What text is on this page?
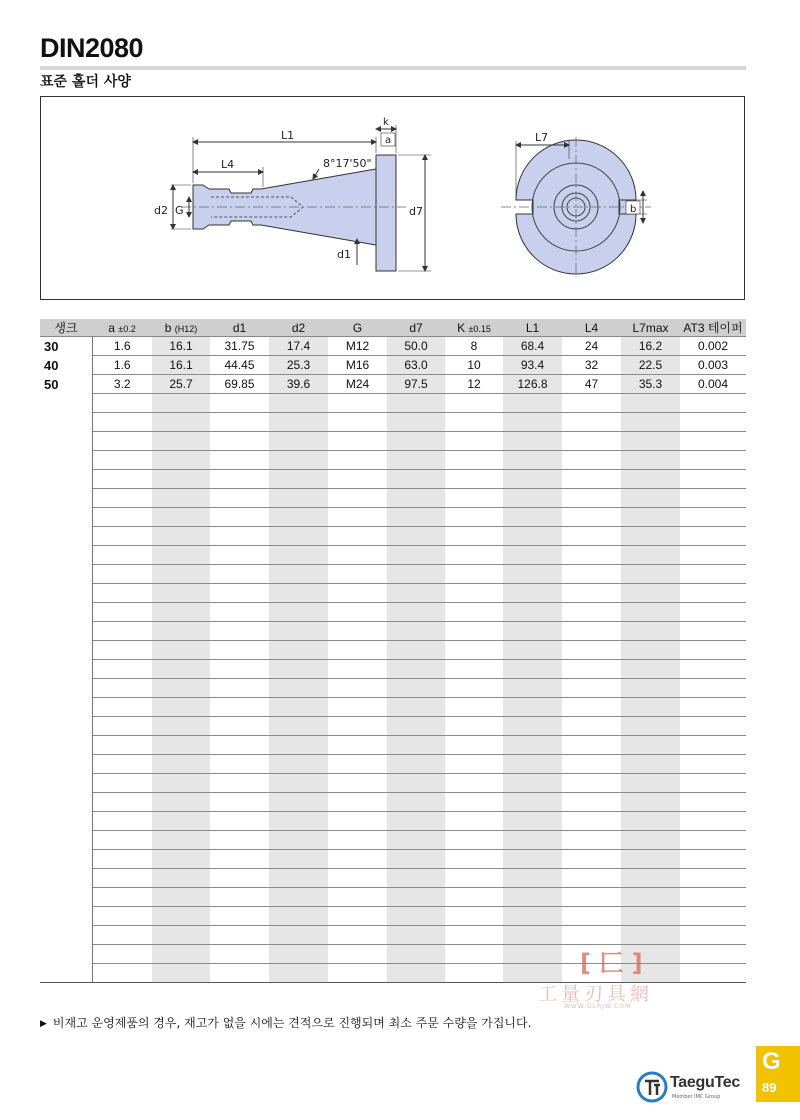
DIN2080
표준 홀더 사양
L1
L4
k
a
8°17'50"
d2 G	d7
d1
L7
b
생크	a ±0.2	b (H12)	d1	d2	G	d7	K ±0.15	L1	L4	L7max	AT3 테이퍼
30	1.6	16.1	31.75	17.4	M12	50.0	8	68.4	24	16.2	0.002
40	1.6	16.1	44.45	25.3	M16	63.0	10	93.4	32	22.5	0.003
50	3.2	25.7	69.85	39.6	M24	97.5	12	126.8	47	35.3	0.004

▶ 비재고 운영제품의 경우, 재고가 없을 시에는 견적으로 진행되며 최소 주문 수량을 가집니다.
[ 匚 ]
工量刃具網
WWW.GLRJW.COM
TaeguTec
Member IMC Group
G
89
